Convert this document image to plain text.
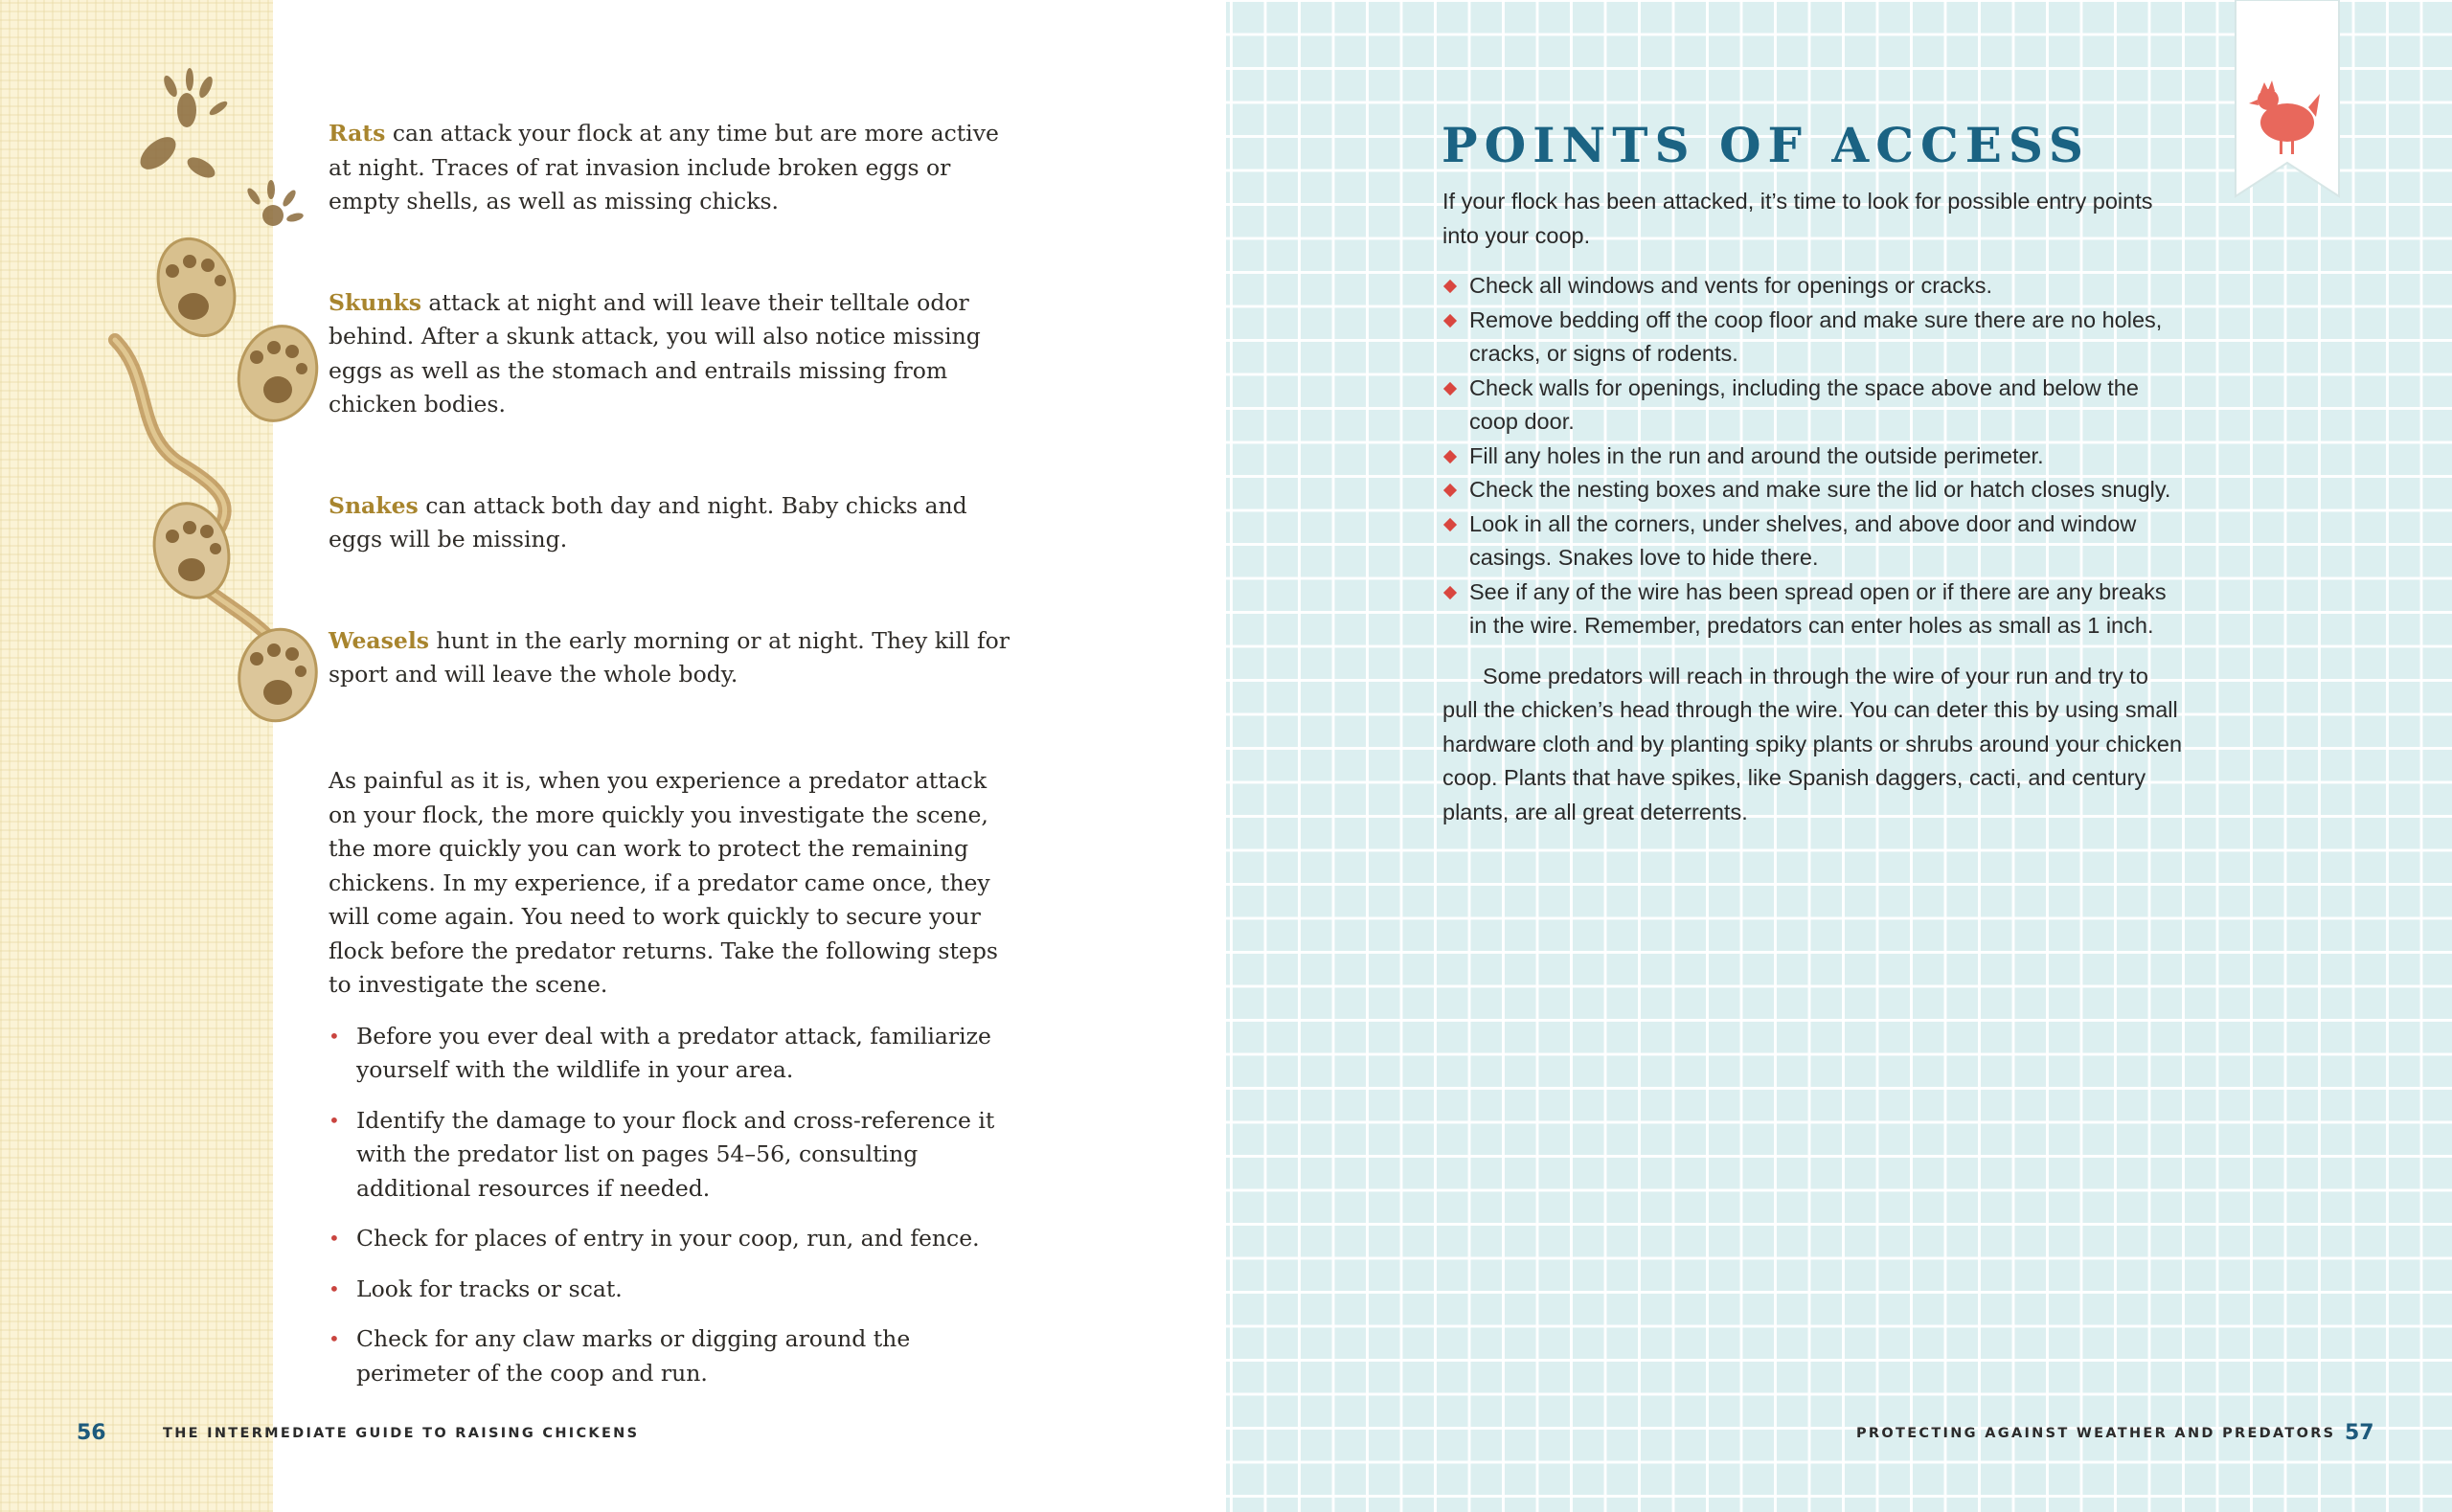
Rats can attack your flock at any time but are more active at night. Traces of rat invasion include broken eggs or empty shells, as well as missing chicks.

Skunks attack at night and will leave their telltale odor behind. After a skunk attack, you will also notice missing eggs as well as the stomach and entrails missing from chicken bodies.

Snakes can attack both day and night. Baby chicks and eggs will be missing.

Weasels hunt in the early morning or at night. They kill for sport and will leave the whole body.

As painful as it is, when you experience a predator attack on your flock, the more quickly you investigate the scene, the more quickly you can work to protect the remaining chickens. In my experience, if a predator came once, they will come again. You need to work quickly to secure your flock before the predator returns. Take the following steps to investigate the scene.

• Before you ever deal with a predator attack, familiarize yourself with the wildlife in your area.
• Identify the damage to your flock and cross-reference it with the predator list on pages 54–56, consulting additional resources if needed.
• Check for places of entry in your coop, run, and fence.
• Look for tracks or scat.
• Check for any claw marks or digging around the perimeter of the coop and run.
56	THE INTERMEDIATE GUIDE TO RAISING CHICKENS
POINTS OF ACCESS

If your flock has been attacked, it’s time to look for possible entry points into your coop.

Check all windows and vents for openings or cracks.
Remove bedding off the coop floor and make sure there are no holes, cracks, or signs of rodents.
Check walls for openings, including the space above and below the coop door.
Fill any holes in the run and around the outside perimeter.
Check the nesting boxes and make sure the lid or hatch closes snugly.
Look in all the corners, under shelves, and above door and window casings. Snakes love to hide there.
See if any of the wire has been spread open or if there are any breaks in the wire. Remember, predators can enter holes as small as 1 inch.

Some predators will reach in through the wire of your run and try to pull the chicken’s head through the wire. You can deter this by using small hardware cloth and by planting spiky plants or shrubs around your chicken coop. Plants that have spikes, like Spanish daggers, cacti, and century plants, are all great deterrents.

PROTECTING AGAINST WEATHER AND PREDATORS 57
